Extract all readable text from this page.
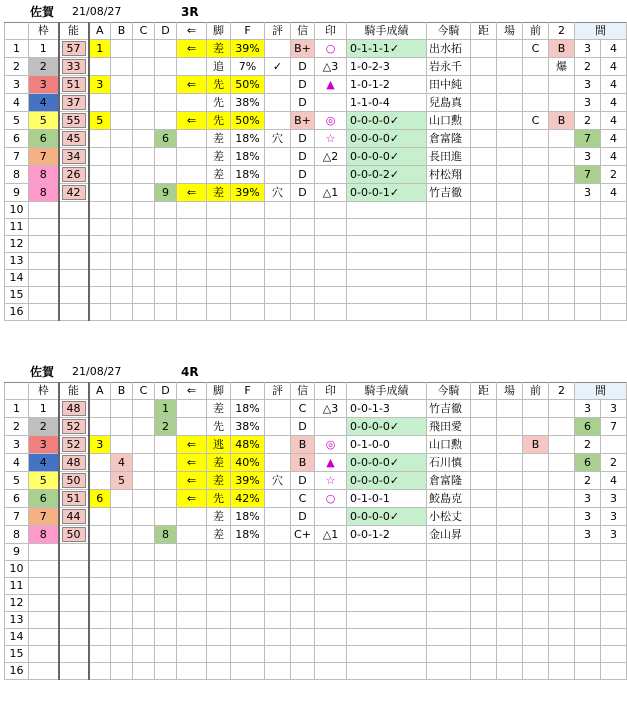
佐賀 21/08/27	3R
	枠	能	A	B	C	D	⇐	脚	F	評	信	印	騎手成績	今騎	距	場	前	2	間	
1	1	57	1				⇐	差	39%		B+	○	0-1-1-1✓	出水拓			C	B	3	4
2	2	33						追	7%	✓	D	△3	1-0-2-3	岩永千				爆	2	4
3	3	51	3				⇐	先	50%		D	▲	1-0-1-2	田中純					3	4
4	4	37						先	38%		D		1-1-0-4	兒島真					3	4
5	5	55	5				⇐	先	50%		B+	◎	0-0-0-0✓	山口勲			C	B	2	4
6	6	45				6		差	18%	穴	D	☆	0-0-0-0✓	倉富隆					7	4
7	7	34						差	18%		D	△2	0-0-0-0✓	長田進					3	4
8	8	26						差	18%		D		0-0-0-2✓	村松翔					7	2
9	8	42				9	⇐	差	39%	穴	D	△1	0-0-0-1✓	竹吉徹					3	4
10																				
11																				
12																				
13																				
14																				
15																				
16																				
佐賀 21/08/27	4R
	枠	能	A	B	C	D	⇐	脚	F	評	信	印	騎手成績	今騎	距	場	前	2	間	
1	1	48				1		差	18%		C	△3	0-0-1-3	竹吉徹					3	3
2	2	52				2		先	38%		D		0-0-0-0✓	飛田愛					6	7
3	3	52	3				⇐	逃	48%		B	◎	0-1-0-0	山口勲			B		2	
4	4	48		4			⇐	差	40%		B	▲	0-0-0-0✓	石川慎					6	2
5	5	50		5			⇐	差	39%	穴	D	☆	0-0-0-0✓	倉富隆					2	4
6	6	51	6				⇐	先	42%		C	○	0-1-0-1	鮫島克					3	3
7	7	44						差	18%		D		0-0-0-0✓	小松丈					3	3
8	8	50				8		差	18%		C+	△1	0-0-1-2	金山昇					3	3
9																				
10																				
11																				
12																				
13																				
14																				
15																				
16																				
